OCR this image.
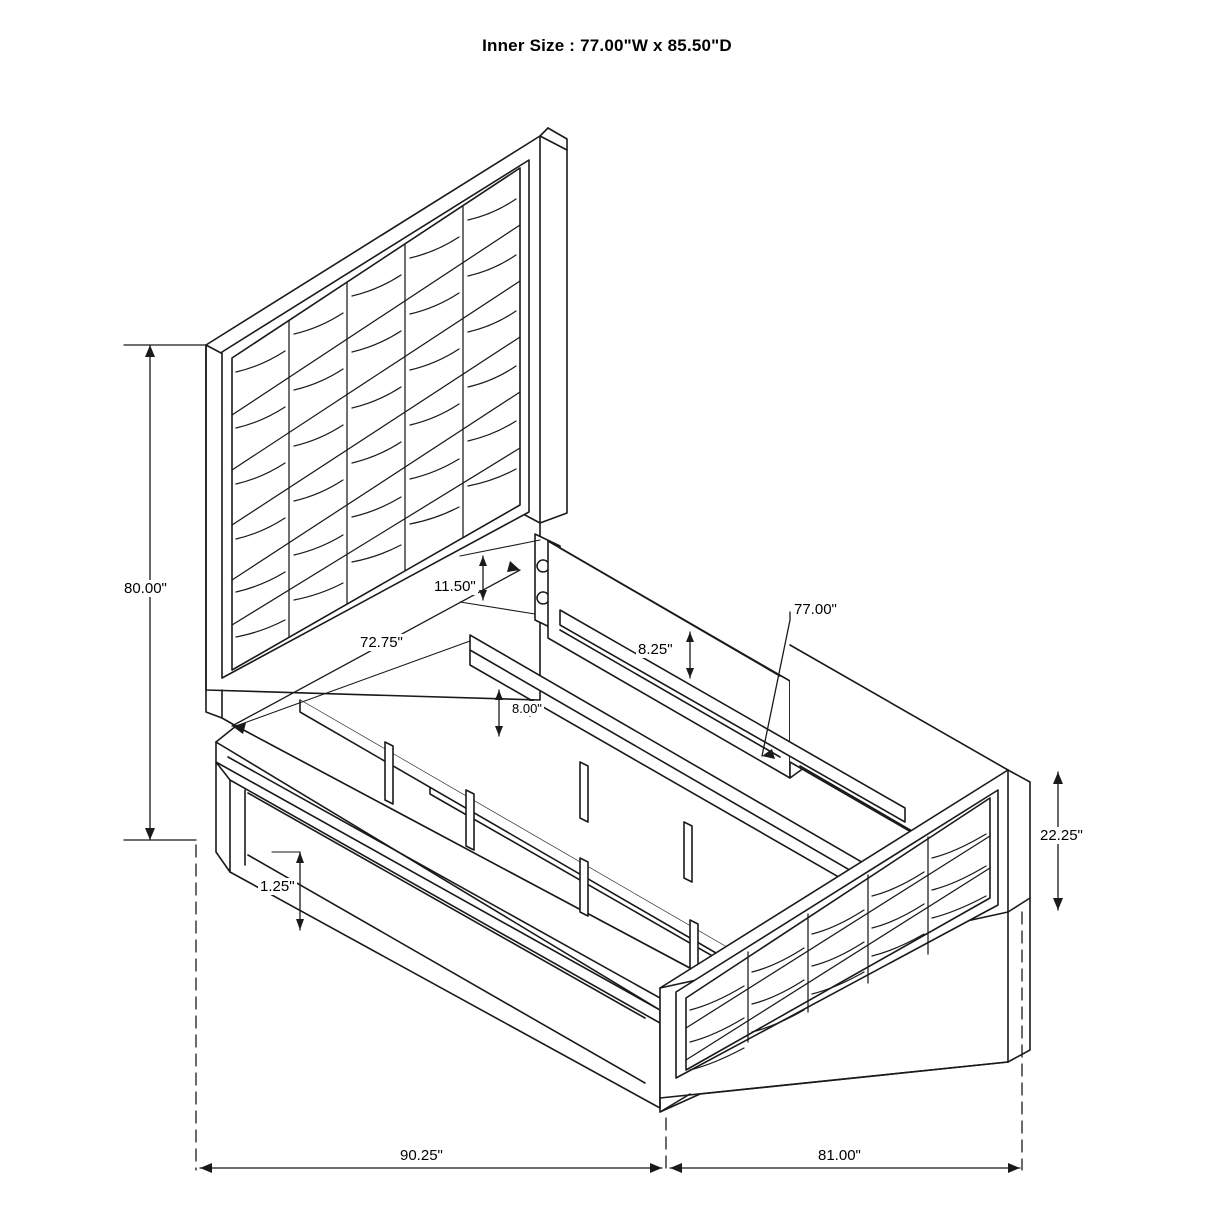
Inner Size : 77.00"W x 85.50"D
80.00"
72.75"
11.50"
8.00"
8.25"
77.00"
22.25"
1.25"
90.25"	81.00"
